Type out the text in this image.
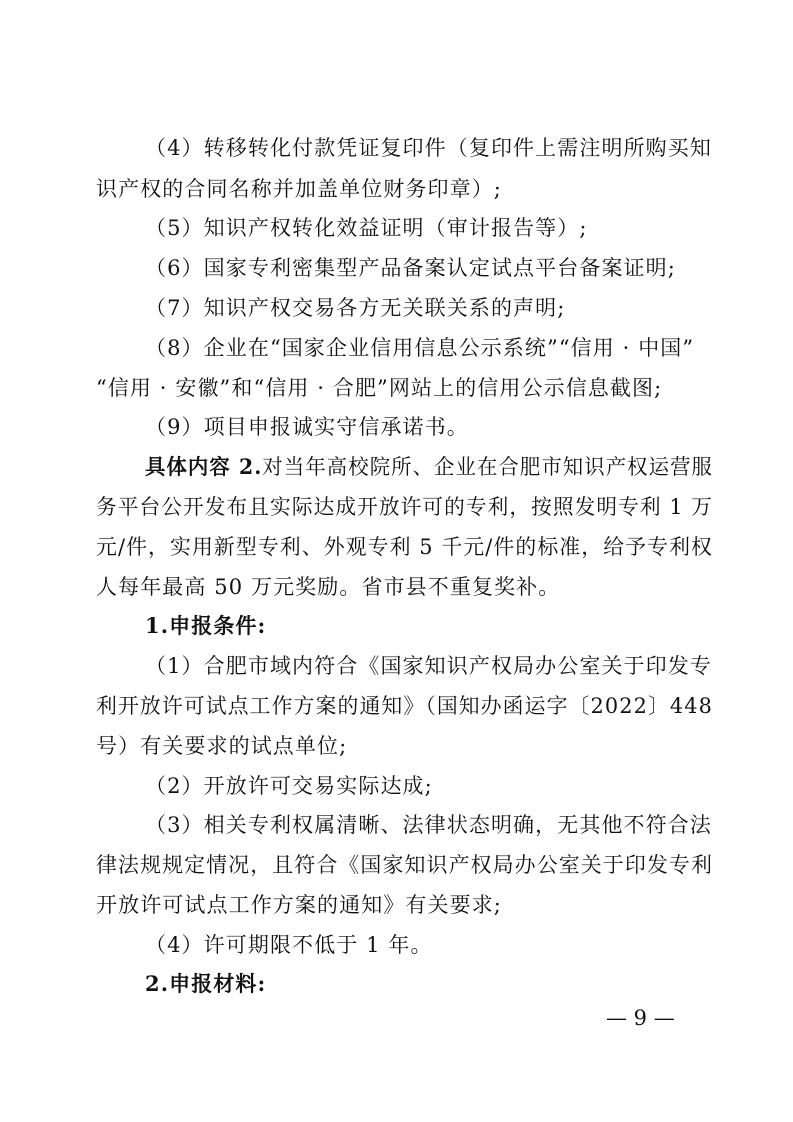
（4）转移转化付款凭证复印件（复印件上需注明所购买知
识产权的合同名称并加盖单位财务印章）;
（5）知识产权转化效益证明（审计报告等）;
（6）国家专利密集型产品备案认定试点平台备案证明;
（7）知识产权交易各方无关联关系的声明;
（8）企业在“国家企业信用信息公示系统”“信用 · 中国”
“信用 · 安徽”和“信用 · 合肥”网站上的信用公示信息截图;
（9）项目申报诚实守信承诺书。
具体内容 2.对当年高校院所、企业在合肥市知识产权运营服
务平台公开发布且实际达成开放许可的专利，按照发明专利 1 万
元/件，实用新型专利、外观专利 5 千元/件的标准，给予专利权
人每年最高 50 万元奖励。省市县不重复奖补。
1.申报条件:
（1）合肥市域内符合《国家知识产权局办公室关于印发专
利开放许可试点工作方案的通知》（国知办函运字〔2022〕448
号）有关要求的试点单位;
（2）开放许可交易实际达成;
（3）相关专利权属清晰、法律状态明确，无其他不符合法
律法规规定情况，且符合《国家知识产权局办公室关于印发专利
开放许可试点工作方案的通知》有关要求;
（4）许可期限不低于 1 年。
2.申报材料:
— 9 —
